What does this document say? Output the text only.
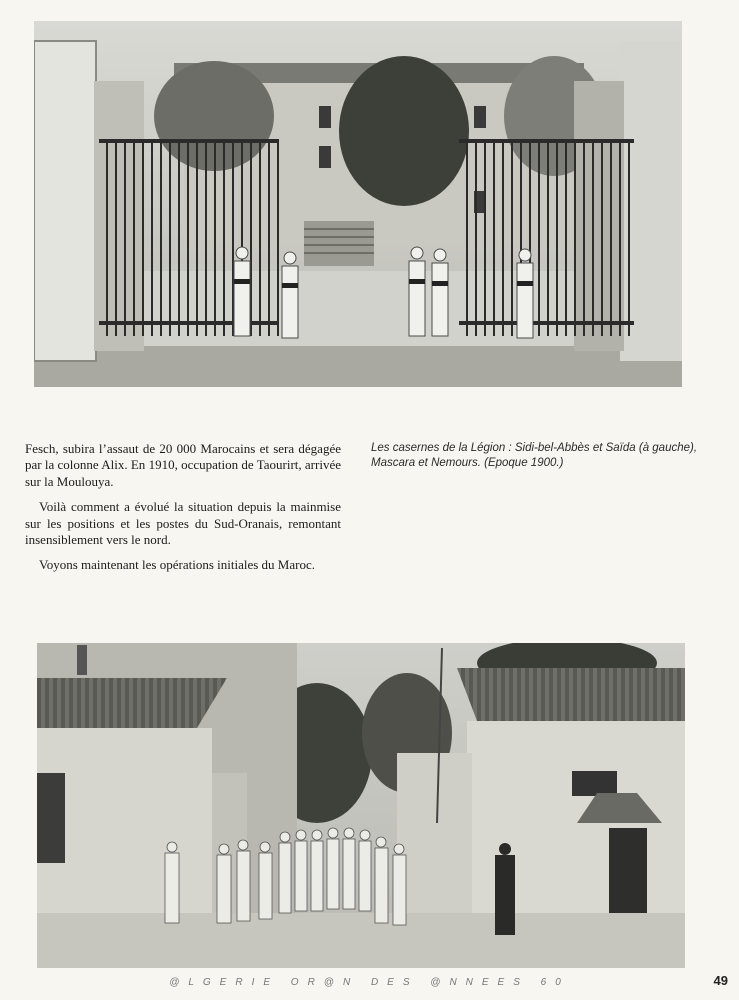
Fesch, subira l’assaut de 20 000 Marocains et sera dégagée par la colonne Alix. En 1910, occupation de Taourirt, arrivée sur la Moulouya.

Voilà comment a évolué la situation depuis la mainmise sur les positions et les postes du Sud-Oranais, remontant insensiblement vers le nord.

Voyons maintenant les opérations initiales du Maroc.

Les casernes de la Légion : Sidi-bel-Abbès et Saïda (à gauche), Mascara et Nemours. (Epoque 1900.)
@LGERIE OR@N DES @NNEES 60	49
